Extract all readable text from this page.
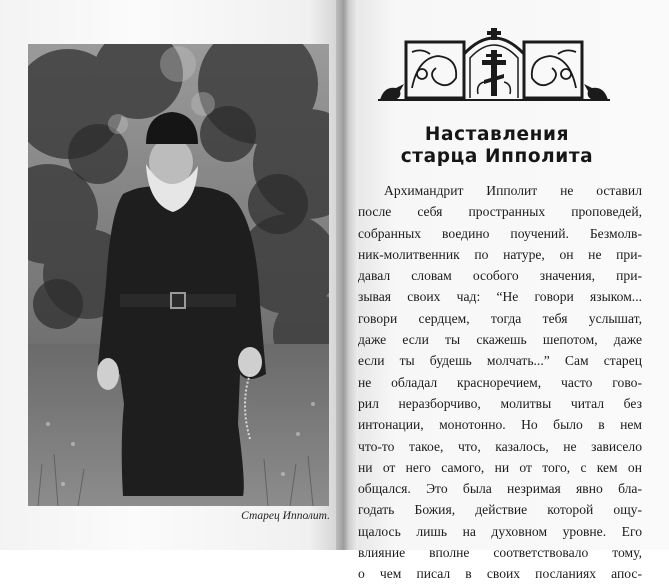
Старец Ипполит.
Наставления
старца Ипполита
Архимандрит Ипполит не оставил
после себя пространных проповедей,
собранных воедино поучений. Безмолв-
ник-молитвенник по натуре, он не при-
давал словам особого значения, при-
зывая своих чад: “Не говори языком...
говори сердцем, тогда тебя услышат,
даже если ты скажешь шепотом, даже
если ты будешь молчать...” Сам старец
не обладал красноречием, часто гово-
рил неразборчиво, молитвы читал без
интонации, монотонно. Но было в нем
что-то такое, что, казалось, не зависело
ни от него самого, ни от того, с кем он
общался. Это была незримая явно бла-
годать Божия, действие которой ощу-
щалось лишь на духовном уровне. Его
влияние вполне соответствовало тому,
о чем писал в своих посланиях апос-
